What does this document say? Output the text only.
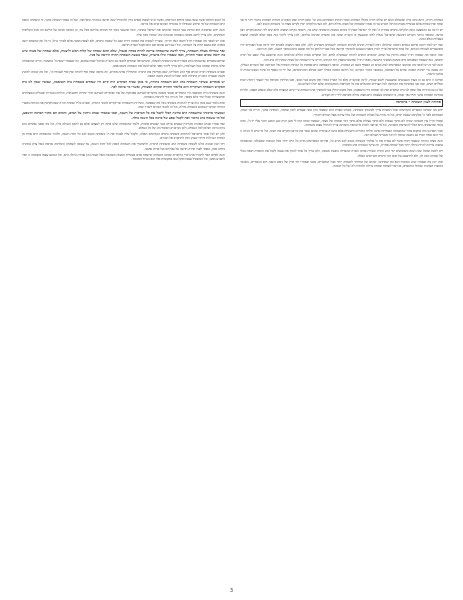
האתרוג ויהיה, דהא כתב בויה שבעולם הבא יש עלים ויהיה מקלל האתרוג כמכי דכתיב ושמחתם בחג וגו' ומאן ויהיה שמו האתרוג דכחות ושמחת בחגיך ויהי כי אך שמח ואין שמחה אלא בעשיית מצות ובהיכל הקדש עד זה אמרו ששמחה של מצוה גדולה היא, לכן בעת הלקיחה יכוין לקיים מצות ה' בשמחה ובטוב לבב.

יש לו כה גם בהמצעה בזמן הלקיחה בימים עבודת ה' ואין לך ישראל שאין לו בקיום המצוה והשמחה שיש בה, וישמח בקיום המצוה דהא קים ליה שהוא מקיים רצון בוראו. ומבואר בזוהר הקדוש דבשעה שישראל נוטלין לולב ומנענעין בו הקב״ה שמח בהן ומשרה שכינתו עליהם, ולכן צריך ליזהר בזה מאד שלא לעשות המצוה בעצלות ובלא כוונה.

ועוד יש לומר דהנה איתא בגמרא דסוכה שהלולב רומז לשדרה ההדס לעינים והערבה לשפתים והאתרוג ללב, ולכן באה המצוה לאגדם יחד לרמז שכל האברים יהיו משועבדים לעבודת הבורא, וכל אחד מישראל צריך לכוין בשעת הנענוע להמשיך קדושה בכל אבריו ולתקן כל מה שפגם בהם במשך השנה, והבן זה היטב.

ובזה יבואר מה שאמרו חז״ל שבחג נידונין על המים, שהמים רומזים לתורה שנמשלה למים, וכל המקיים מצות הלולב כהלכתה זוכה שיושפע עליו שפע של תורה וחכמה, כמו שנאמר ושאבתם מים בששון ממעיני הישועה, ואמרו חז״ל שמשם שואבין רוח הקודש, והיינו ע״י השמחה של מצוה שזוכין לה בחג הזה.

והנה לפי זה יש לבאר מה שהקשו המפרשים למה נקרא חג האסיף בשם חג הסוכות, ונראה דהאסיפה היא אסיפת כל הכחות והמדות אל הקדושה ואל השורש העליון, וזה נעשה ע״י ישיבת הסוכה שהיא צל האמונה, כמבואר בזוהר הקדוש, וכל היושב בסוכה כאילו יושב בצילא דמהימנותא, ועל ידי זה נאסף כל פיזור הנפש שהיה לו במשך השנה.

ובחינה זו היא גם כן בענין הנענועים שמנענעין לשש קצוות, לרמז שהקב״ה מלא כל הארץ כבודו ואין מקום פנוי ממנו, ואנו מוליכין ומביאין כדי לעצור רוחות רעות וטללים רעים, ובזה אנו ממשיכין את הקדושה לכל הצדדים ומבטלים את כל הקליפות והמקטרגים שלא יוכלו לשלוט בנו.

ועל כן גם בדורות אלו שאין לנו בית המקדש ואין לנו שמחת בית השואבה, מכל מקום יכולין אנו להמשיך את השמחה ע״י קיום המצוות בלב שלם ובנפש חפצה, ולהיות בבחינת ושמחת בחגך והיית אך שמח, כי השמחה בעצמה היא מצוה גדולה ומביאה לידי רוח הקודש.

פתיחה לענין השמחה - בהקדמה

ידוע מה שכתבו הספרים הקדושים שכל המצוות צריך לעשותן בשמחה, ובפרט מצוות החג שנאמר בהן כמה פעמים לשון שמחה, ושמחת בחגך, והיית אך שמח, ושמחתם לפני ה' אלקיכם שבעת ימים, וכל זה מורה על מעלת השמחה ועל גודל ערכה אצל הבורא יתברך.

ואמרו חז״ל אין השכינה שורה לא מתוך עצבות ולא מתוך עצלות אלא מתוך דבר שמחה של מצוה, שנאמר ועתה קחו לי מנגן והיה כנגן המנגן ותהי עליו יד ה', ומזה נלמד שהשמחה היא הכלי להשראת השכינה, וכל מי שרוצה לזכות להשראת השכינה צריך להרגיל עצמו בשמחה.

וכבר הארכנו בזה במקום אחר שהשמחה האמיתית אינה תלויה בדברים חיצוניים אלא בהכרה פנימית שהוא עובד את בוראו ומקיים את רצונו, וכל מי שיש לו הכרה זו הרי הוא שמח תמיד גם בשעה שחסר לו דבר מענייני העולם הזה.

והנה מצינו בתורה שנאמר תחת אשר לא עבדת את ה' אלקיך בשמחה ובטוב לבב מרוב כל, ופירשו המפרשים מרוב כל היינו יותר מכל הטובות שבעולם, שהשמחה במצוה צריכה להיות גדולה יותר מכל שמחה אחרת, וזה עיקר העבודה בחג הסוכות.

ויש לדעת שבכל שנה ושנה כשמגיעים ימי החג חוזרת ונעורת אותה הארה שהאירה בשעת מעשה, ולכן צריך כל אחד להכין את עצמו לקבל את ההארה הזאת בכלי של שמחה וטוב לב, ולא להתעצב על שום דבר בימים הקדושים האלה.

ובזה יובן מה שאמרו שחג הסוכות הוא זמן שמחתנו, שהוא זמן המיוחד לשמחה יותר מכל המועדים, מפני שאחרי ימי הדין של ראש השנה ויום הכפורים, כשכבר נתכפרו העוונות ונמחלו החטאים, אז ראוי לשמוח שמחה גדולה ולהודות לה' על כל הטובה.

כל הטוב והחסד אשר עשה עמנו בימים הנוראים, ואשר זכינו לצאת זכאים בדין ולהתחיל שנה חדשה בטהרה ובקדושה, ועל זה נאמר ושמחת בחגך, כי השמחה הזאת היא השמחה של מי שיודע שנמחלו לו עוונותיו ושהוא קרוב אל בוראו.

והנה ידוע שהסוכה היא בחינת ענני הכבוד שהקיפו את ישראל במדבר, וכמו שהענני כבוד היו מגינים עליהם מכל צד, כן הסוכה מגינה על היושב בה מכל הקליפות והמזיקים, ולכן צריך לישב בסוכה בשמחה ובבטחון שה' שומרו ומגין עליו.

ובזה יש לבאר מה שאמרו חז״ל תשבו כעין תדורו, שצריך לעשות את הסוכה דירת קבע כל שבעת הימים, ולא לצאת ממנה אלא לצורך גדול, כי כל זמן שהאדם יושב בסוכה הוא נמצא תחת צל השכינה, וכל רגע ורגע שהוא שם הוא מקבל הארה חדשה.

ואף שגדולה מעלת השמחה, צריך לדעת שהשמחה צריכה להיות במדה ובגבול, שלא תהא שמחה של קלות ראש וליצנות, אלא שמחה של מצוה שיש בה יראת שמים וכבוד התורה, וכמו שאמרו וגילו ברעדה, שאף בשעת השמחה תהיה היראה על פניו.

ואיתא בספרים שהשמחה בחג מעוררת את השמחה למעלה, וכשישראל שמחים למטה גם הקב״ה כביכול שמח עמהם, וזה שנאמר ישמח ה' במעשיו, והיינו שהשמחה שלנו גורמת שמחה בכל העולמות, ולכן צריך ליזהר מאד שלא לבטל את השמחה בשום אופן.

ובפרט בשמחת תורה שהיא סוף החג ותכליתו, שאז מסיימין את התורה ומתחילין אותה מחדש, וזה מראה שאין סוף לתורה ואין סוף לעבודת ה', וכל מה שזכינו להשיג בשנה שעברה הוא רק התחלה למה שעלינו להשיג בשנה הבאה.

יש אומרים שעיקר השמחה בחג הוא השמחה בתורה, כי בזמן שבית המקדש היה קיים היו שמחים בשמחת בית השואבה, ועכשיו שאין לנו בית המקדש השמחה העיקרית היא בלימוד התורה ובקיום המצוות, ואשרי מי שזוכה לכך.

והנה בשמחת בית השואבה היו החסידים ואנשי מעשה מרקדים לפניהם באבוקות של אור ואומרים לפניהם דברי שירות ותשבחות, והלוים בכנורות ובנבלים ובמצלתים ובחצוצרות ובכלי שיר בלא מספר, וכל זה היה כדי להרבות בשמחה.

ומזה נלמד שגם בזמן הזה צריך להרבות בשמחה בכל מה שאפשר, בשירות ותשבחות ובריקודים לכבוד התורה, ובפרט בליל שמחת תורה שאז מקיפין את הבימה בספרי התורה ומרקדין עמהם בשמחה גדולה, וכל זה לכבוד הבורא יתברך שמו.

ושמעתי מרבותי שהשמחה היא בחינת הכלי לקבל את כל הברכות של השנה, וכמו שאמרו שבחג נידונין על המים, והמים הם מקור הברכה והשפע, וכל מי ששמח בחג כראוי זוכה לקבל שפע של ברכה בכל השנה כולה.

ועוד אמרו שבחג הסוכות מקריבין שבעים פרים כנגד שבעים אומות, ללמד שהשמחה שלנו אינה רק לעצמנו אלא גם לתקון העולם כולו, וכל מה שאנו שמחים בחג גורם ברכה ושלום לכל העמים, ולכן נקרא חג הסוכות חג של כל העולם.

ולכן יש לכל אחד מישראל להתחזק בשמחה בימים הקדושים האלה, ולקבל עליו לעבוד את ה' בשמחה ובטוב לבב כל ימות השנה, ולזכור שהשמחה היא אחת מן המדות הגדולות ביותר שבהן זוכין להתקרב אל הבורא.

ויהי רצון שנזכה כולנו לשמוח בשמחת החג ובשמחת התורה, ולהמשיך את השמחה הזאת לכל ימות השנה, עד שנזכה לשמחה השלימה בביאת גואל צדק במהרה בימינו אמן, ונאמר לפניו שירה חדשה על גאולתנו ועל פדות נפשנו.

והנה לסיום ראוי להזכיר את דברי הרמב״ם שכתב השמחה שישמח אדם בעשיית המצוה ובאהבת האל שצוה בהן עבודה גדולה היא, וכל המונע עצמו משמחה זו ראוי להפרע ממנו, וכל המשפיל עצמו ומקל גופו במקומות אלו הוא הגדול המכובד.

3
